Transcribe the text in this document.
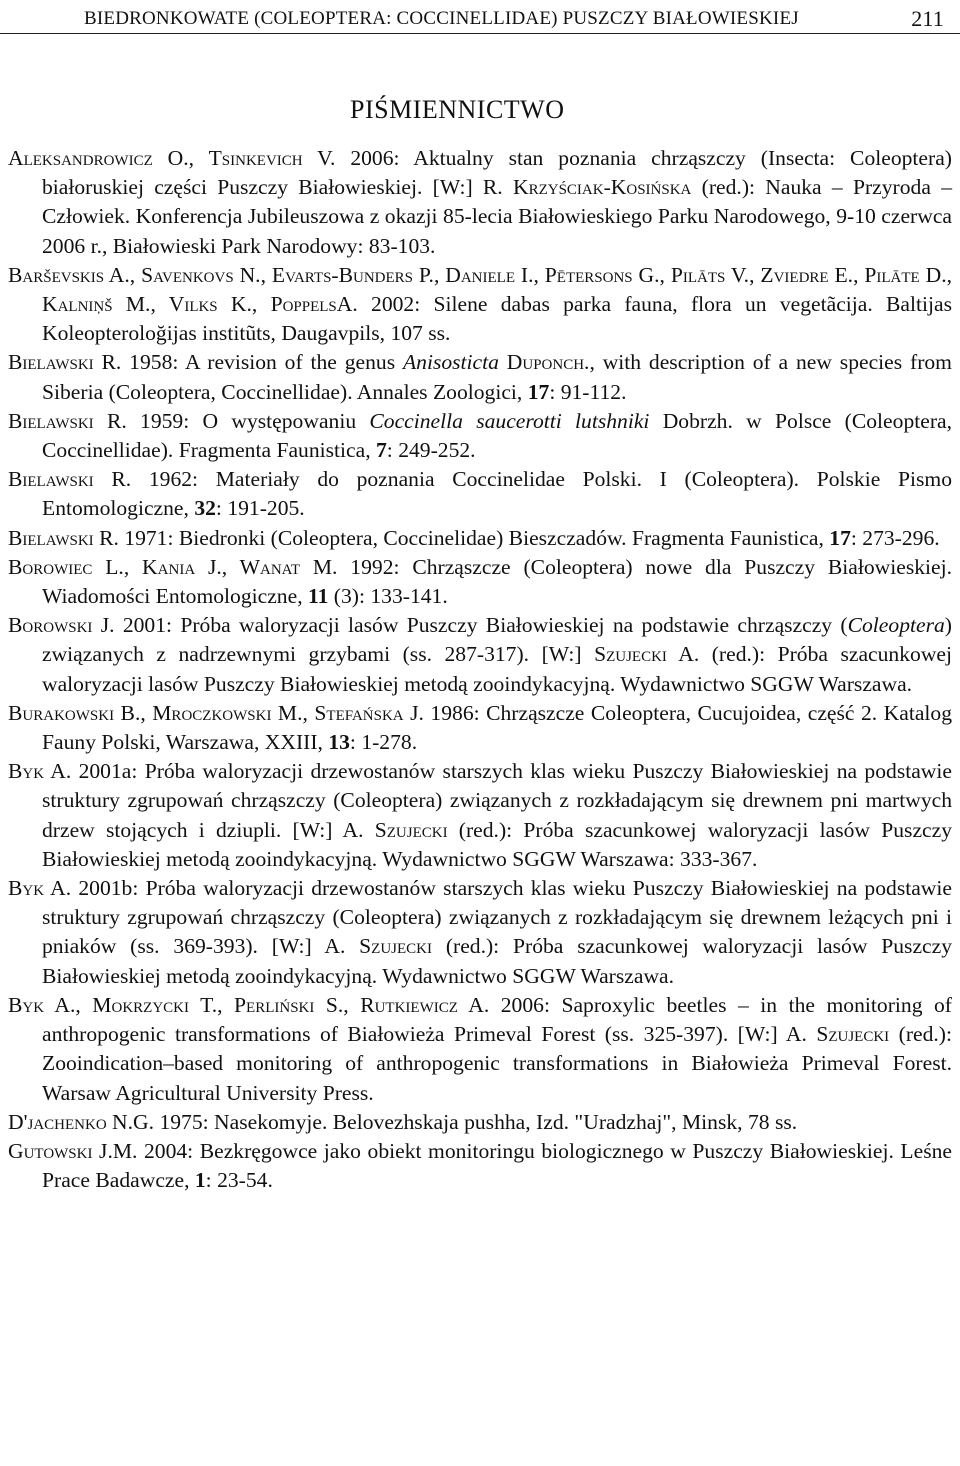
BIEDRONKOWATE (COLEOPTERA: COCCINELLIDAE) PUSZCZY BIAŁOWIESKIEJ	211
PIŚMIENNICTWO

Aleksandrowicz O., Tsinkevich V. 2006: Aktualny stan poznania chrząszczy (Insecta: Coleoptera) białoruskiej części Puszczy Białowieskiej. [W:] R. Krzyściak-Kosińska (red.): Nauka – Przyroda – Człowiek. Konferencja Jubileuszowa z okazji 85-lecia Białowieskiego Parku Narodowego, 9-10 czerwca 2006 r., Białowieski Park Narodowy: 83-103.

Barševskis A., Savenkovs N., Evarts-Bunders P., Daniele I., Pētersons G., Pilāts V., Zviedre E., Pilāte D., Kalniņš M., Vilks K., PoppelsA. 2002: Silene dabas parka fauna, flora un vegetãcija. Baltijas Koleopteroloğijas institũts, Daugavpils, 107 ss.

Bielawski R. 1958: A revision of the genus Anisosticta Duponch., with description of a new species from Siberia (Coleoptera, Coccinellidae). Annales Zoologici, 17: 91-112.

Bielawski R. 1959: O występowaniu Coccinella saucerotti lutshniki Dobrzh. w Polsce (Coleoptera, Coccinellidae). Fragmenta Faunistica, 7: 249-252.

Bielawski R. 1962: Materiały do poznania Coccinelidae Polski. I (Coleoptera). Polskie Pismo Entomologiczne, 32: 191-205.

Bielawski R. 1971: Biedronki (Coleoptera, Coccinelidae) Bieszczadów. Fragmenta Faunistica, 17: 273-296.

Borowiec L., Kania J., Wanat M. 1992: Chrząszcze (Coleoptera) nowe dla Puszczy Białowieskiej. Wiadomości Entomologiczne, 11 (3): 133-141.

Borowski J. 2001: Próba waloryzacji lasów Puszczy Białowieskiej na podstawie chrząszczy (Coleoptera) związanych z nadrzewnymi grzybami (ss. 287-317). [W:] Szujecki A. (red.): Próba szacunkowej waloryzacji lasów Puszczy Białowieskiej metodą zooindykacyjną. Wydawnictwo SGGW Warszawa.

Burakowski B., Mroczkowski M., Stefańska J. 1986: Chrząszcze Coleoptera, Cucujoidea, część 2. Katalog Fauny Polski, Warszawa, XXIII, 13: 1-278.

Byk A. 2001a: Próba waloryzacji drzewostanów starszych klas wieku Puszczy Białowieskiej na podstawie struktury zgrupowań chrząszczy (Coleoptera) związanych z rozkładającym się drewnem pni martwych drzew stojących i dziupli. [W:] A. Szujecki (red.): Próba szacunkowej waloryzacji lasów Puszczy Białowieskiej metodą zooindykacyjną. Wydawnictwo SGGW Warszawa: 333-367.

Byk A. 2001b: Próba waloryzacji drzewostanów starszych klas wieku Puszczy Białowieskiej na podstawie struktury zgrupowań chrząszczy (Coleoptera) związanych z rozkładającym się drewnem leżących pni i pniaków (ss. 369-393). [W:] A. Szujecki (red.): Próba szacunkowej waloryzacji lasów Puszczy Białowieskiej metodą zooindykacyjną. Wydawnictwo SGGW Warszawa.

Byk A., Mokrzycki T., Perliński S., Rutkiewicz A. 2006: Saproxylic beetles – in the monitoring of anthropogenic transformations of Białowieża Primeval Forest (ss. 325-397). [W:] A. Szujecki (red.): Zooindication–based monitoring of anthropogenic transformations in Białowieża Primeval Forest. Warsaw Agricultural University Press.

D'jachenko N.G. 1975: Nasekomyje. Belovezhskaja pushha, Izd. "Uradzhaj", Minsk, 78 ss.

Gutowski J.M. 2004: Bezkręgowce jako obiekt monitoringu biologicznego w Puszczy Białowieskiej. Leśne Prace Badawcze, 1: 23-54.
